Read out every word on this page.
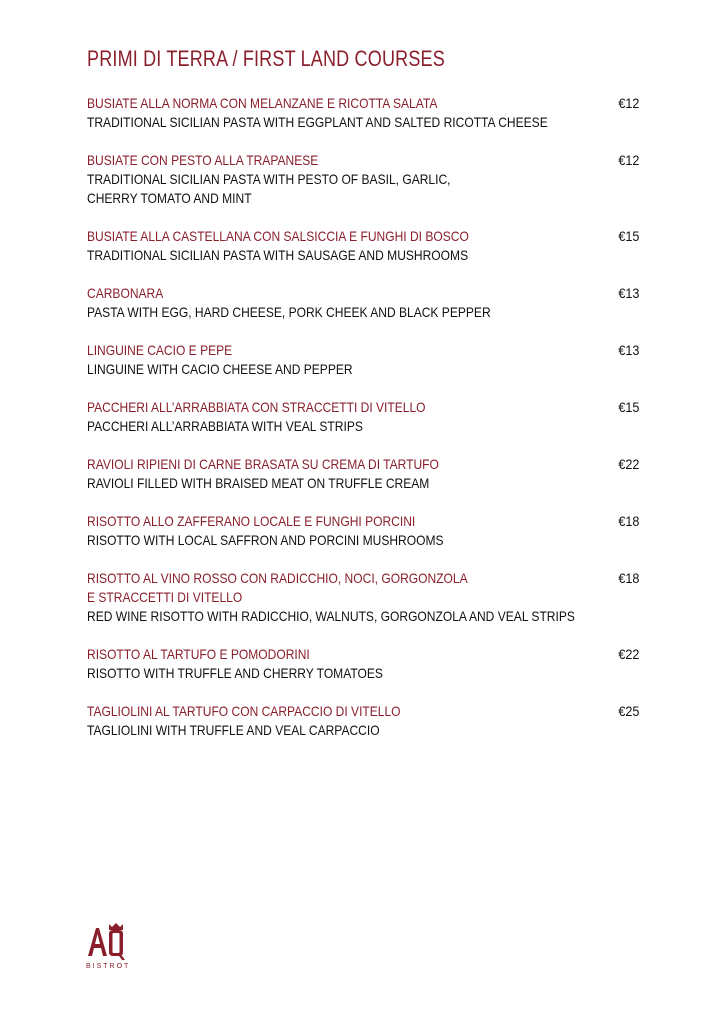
PRIMI DI TERRA / FIRST LAND COURSES
BUSIATE ALLA NORMA CON MELANZANE E RICOTTA SALATA
TRADITIONAL SICILIAN PASTA WITH EGGPLANT AND SALTED RICOTTA CHEESE
€12
BUSIATE CON PESTO ALLA TRAPANESE
TRADITIONAL SICILIAN PASTA WITH PESTO OF BASIL, GARLIC,
CHERRY TOMATO AND MINT
€12
BUSIATE ALLA CASTELLANA CON SALSICCIA E FUNGHI DI BOSCO
TRADITIONAL SICILIAN PASTA WITH SAUSAGE AND MUSHROOMS
€15
CARBONARA
PASTA WITH EGG, HARD CHEESE, PORK CHEEK AND BLACK PEPPER
€13
LINGUINE CACIO E PEPE
LINGUINE WITH CACIO CHEESE AND PEPPER
€13
PACCHERI ALL’ARRABBIATA CON STRACCETTI DI VITELLO
PACCHERI ALL’ARRABBIATA WITH VEAL STRIPS
€15
RAVIOLI RIPIENI DI CARNE BRASATA SU CREMA DI TARTUFO
RAVIOLI FILLED WITH BRAISED MEAT ON TRUFFLE CREAM
€22
RISOTTO ALLO ZAFFERANO LOCALE E FUNGHI PORCINI
RISOTTO WITH LOCAL SAFFRON AND PORCINI MUSHROOMS
€18
RISOTTO AL VINO ROSSO CON RADICCHIO, NOCI, GORGONZOLA
E STRACCETTI DI VITELLO
RED WINE RISOTTO WITH RADICCHIO, WALNUTS, GORGONZOLA AND VEAL STRIPS
€18
RISOTTO AL TARTUFO E POMODORINI
RISOTTO WITH TRUFFLE AND CHERRY TOMATOES
€22
TAGLIOLINI AL TARTUFO CON CARPACCIO DI VITELLO
TAGLIOLINI WITH TRUFFLE AND VEAL CARPACCIO
€25
BISTROT
